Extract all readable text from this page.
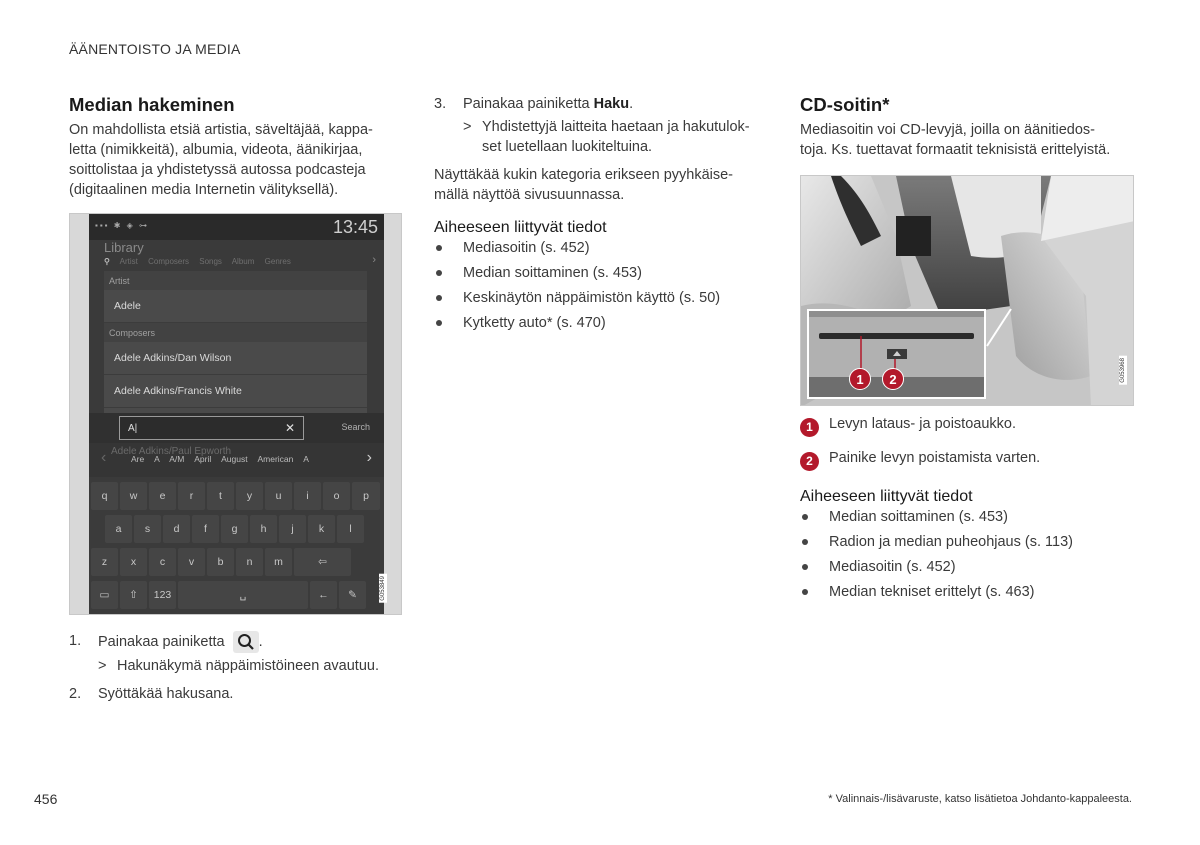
ÄÄNENTOISTO JA MEDIA
Median hakeminen

On mahdollista etsiä artistia, säveltäjää, kappa-
letta (nimikkeitä), albumia, videota, äänikirjaa,
soittolistaa ja yhdistetyssä autossa podcasteja
(digitaalinen media Internetin välityksellä).

▪▪▪ ✱ ◈ ⊶	13:45
Library
⚲ Artist Composers Songs Album Genres	›
Artist
Adele
Composers
Adele Adkins/Dan Wilson
Adele Adkins/Francis White
A|	✕	Search
Adele Adkins/Paul Epworth
‹	Are A A/M April August American A	›
q	w	e	r	t	y	u	i	o	p
a	s	d	f	g	h	j	k	l
z	x	c	v	b	n	m	⇦
▭	⇧	123	␣	←	✎	G053849
1. Painakaa painiketta .
> Hakunäkymä näppäimistöineen avautuu.
2. Syöttäkää hakusana.
3. Painakaa painiketta Haku.
> Yhdistettyjä laitteita haetaan ja hakutulok-
set luetellaan luokiteltuina.

Näyttäkää kukin kategoria erikseen pyyhkäise-
mällä näyttöä sivusuunnassa.

Aiheeseen liittyvät tiedot
Mediasoitin (s. 452)
Median soittaminen (s. 453)
Keskinäytön näppäimistön käyttö (s. 50)
Kytketty auto* (s. 470)
CD-soitin*

Mediasoitin voi CD-levyjä, joilla on äänitiedos-
toja. Ks. tuettavat formaatit teknisistä erittelyistä.

1	2	G053968
1	Levyn lataus- ja poistoaukko.
2	Painike levyn poistamista varten.
Aiheeseen liittyvät tiedot
Median soittaminen (s. 453)
Radion ja median puheohjaus (s. 113)
Mediasoitin (s. 452)
Median tekniset erittelyt (s. 463)
456	* Valinnais-/lisävaruste, katso lisätietoa Johdanto-kappaleesta.
